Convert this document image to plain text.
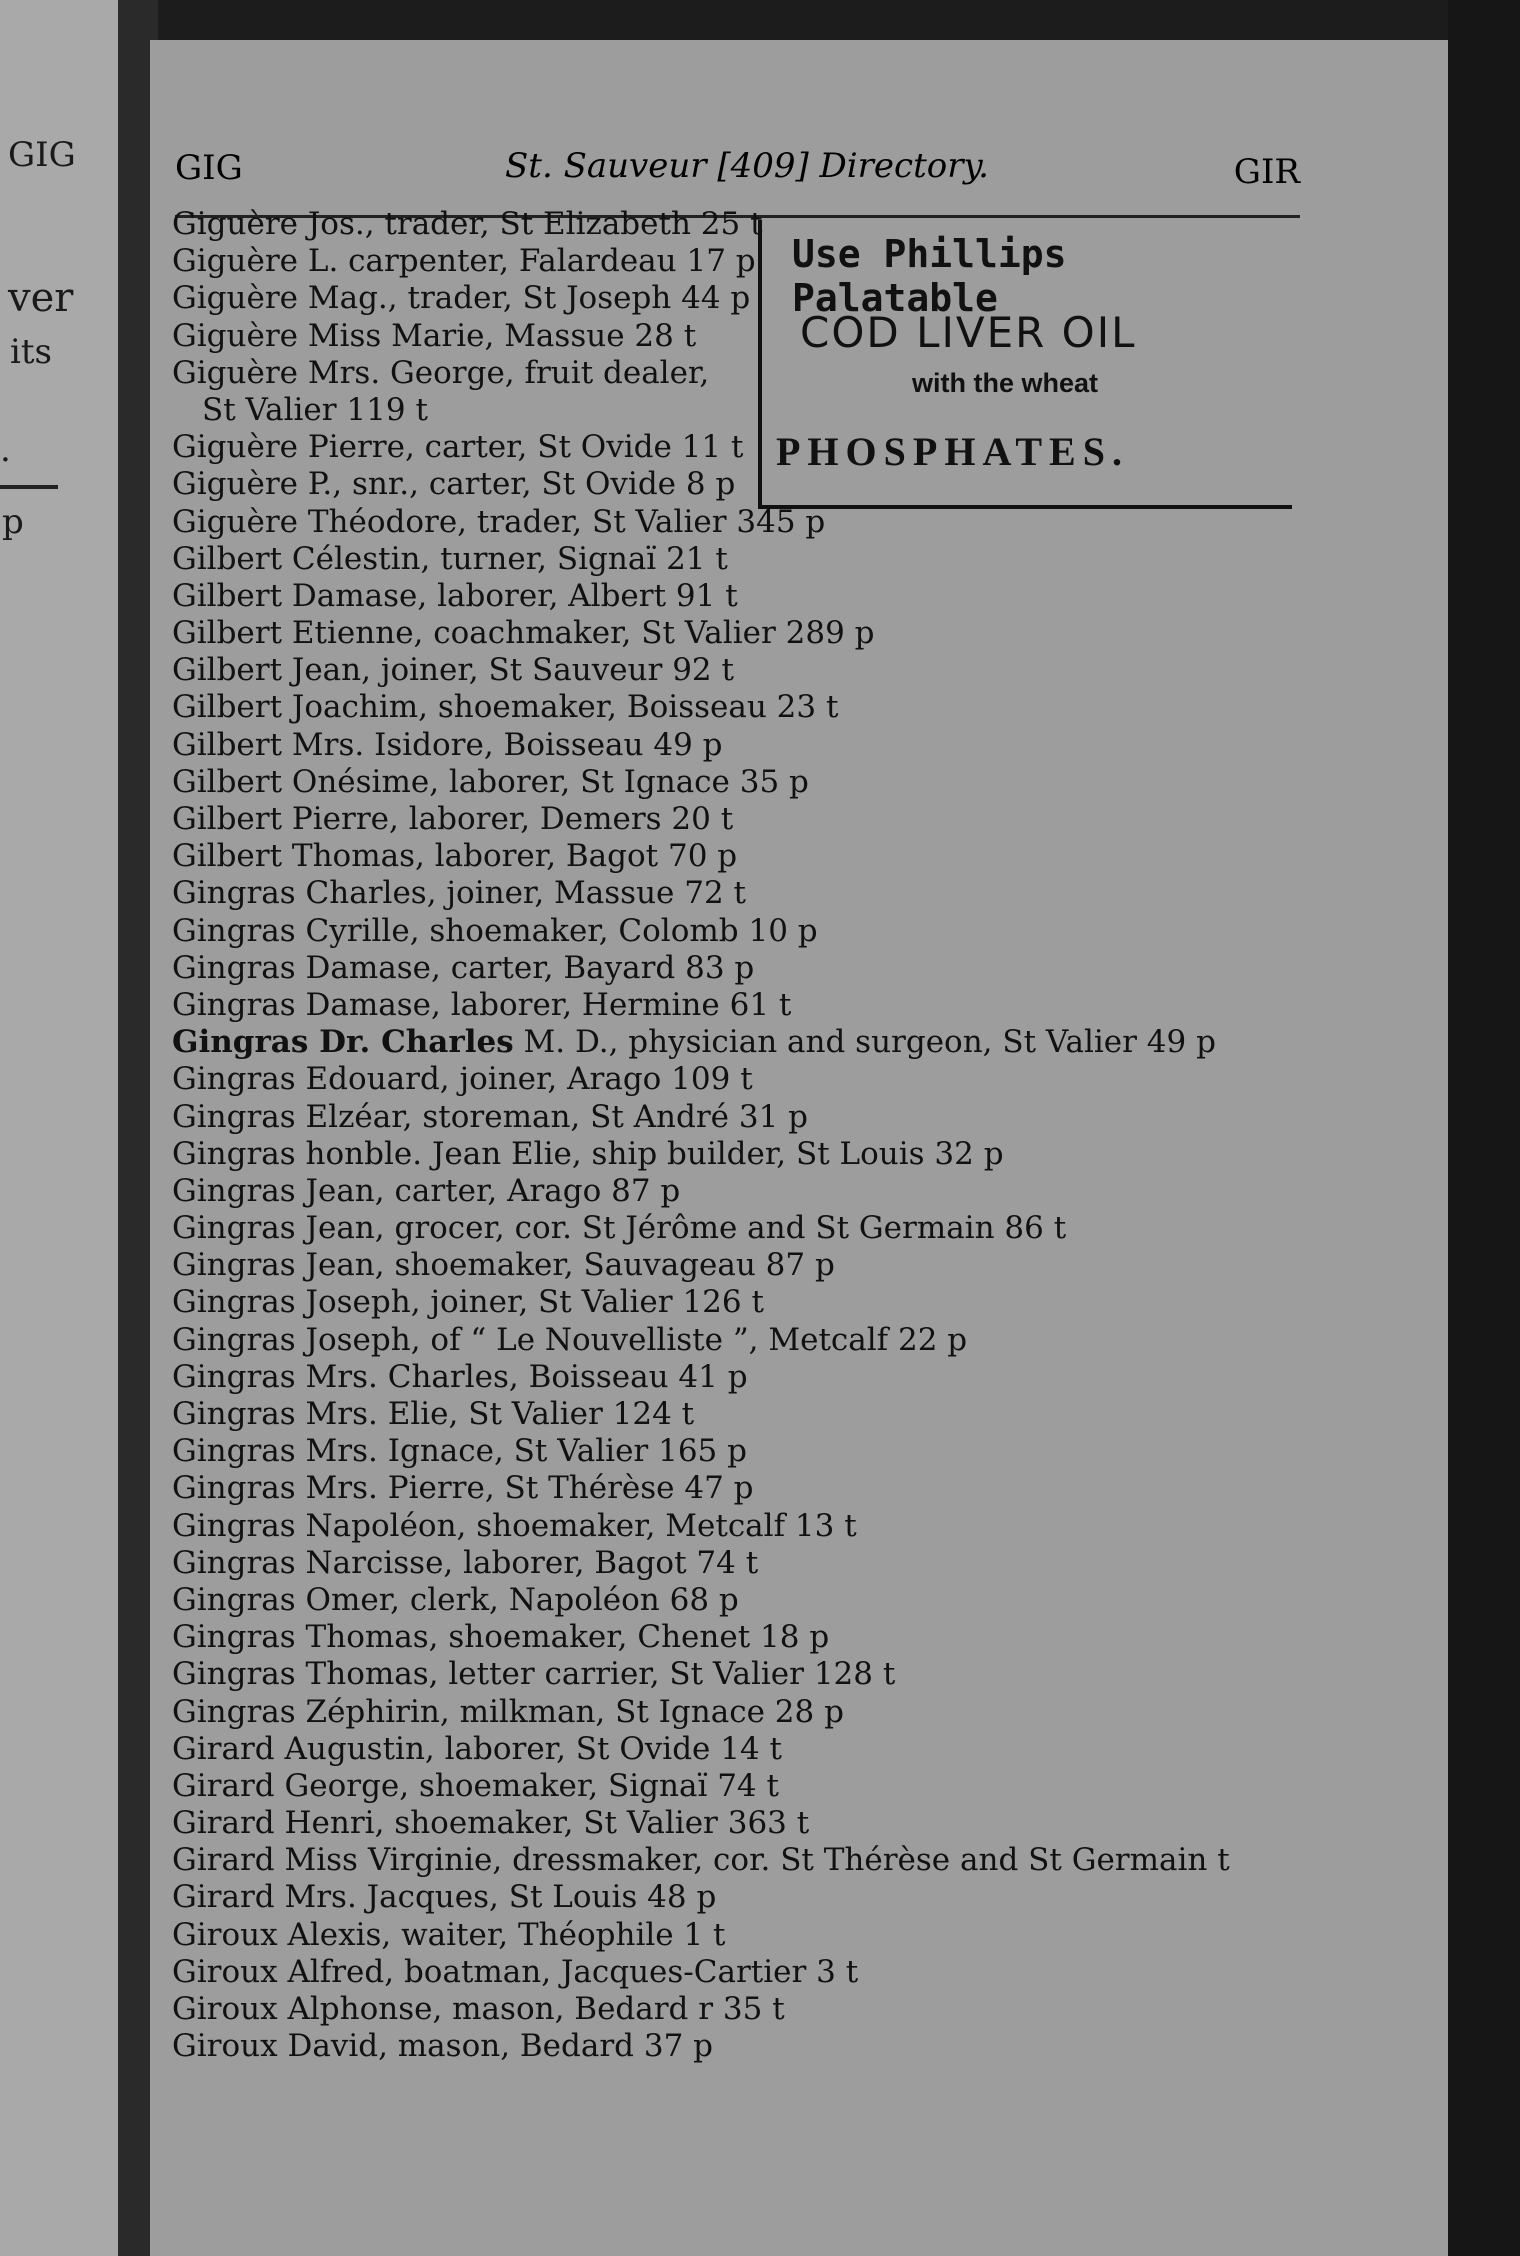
GIG
ver
its
.
p
GIG	St. Sauveur [409] Directory.	GIR
Use Phillips Palatable
COD LIVER OIL
with the wheat
PHOSPHATES.
Giguère Jos., trader, St Elizabeth 25 t
Giguère L. carpenter, Falardeau 17 p
Giguère Mag., trader, St Joseph 44 p
Giguère Miss Marie, Massue 28 t
Giguère Mrs. George, fruit dealer,
St Valier 119 t
Giguère Pierre, carter, St Ovide 11 t
Giguère P., snr., carter, St Ovide 8 p
Giguère Théodore, trader, St Valier 345 p
Gilbert Célestin, turner, Signaï 21 t
Gilbert Damase, laborer, Albert 91 t
Gilbert Etienne, coachmaker, St Valier 289 p
Gilbert Jean, joiner, St Sauveur 92 t
Gilbert Joachim, shoemaker, Boisseau 23 t
Gilbert Mrs. Isidore, Boisseau 49 p
Gilbert Onésime, laborer, St Ignace 35 p
Gilbert Pierre, laborer, Demers 20 t
Gilbert Thomas, laborer, Bagot 70 p
Gingras Charles, joiner, Massue 72 t
Gingras Cyrille, shoemaker, Colomb 10 p
Gingras Damase, carter, Bayard 83 p
Gingras Damase, laborer, Hermine 61 t
Gingras Dr. Charles M. D., physician and surgeon, St Valier 49 p
Gingras Edouard, joiner, Arago 109 t
Gingras Elzéar, storeman, St André 31 p
Gingras honble. Jean Elie, ship builder, St Louis 32 p
Gingras Jean, carter, Arago 87 p
Gingras Jean, grocer, cor. St Jérôme and St Germain 86 t
Gingras Jean, shoemaker, Sauvageau 87 p
Gingras Joseph, joiner, St Valier 126 t
Gingras Joseph, of “ Le Nouvelliste ”, Metcalf 22 p
Gingras Mrs. Charles, Boisseau 41 p
Gingras Mrs. Elie, St Valier 124 t
Gingras Mrs. Ignace, St Valier 165 p
Gingras Mrs. Pierre, St Thérèse 47 p
Gingras Napoléon, shoemaker, Metcalf 13 t
Gingras Narcisse, laborer, Bagot 74 t
Gingras Omer, clerk, Napoléon 68 p
Gingras Thomas, shoemaker, Chenet 18 p
Gingras Thomas, letter carrier, St Valier 128 t
Gingras Zéphirin, milkman, St Ignace 28 p
Girard Augustin, laborer, St Ovide 14 t
Girard George, shoemaker, Signaï 74 t
Girard Henri, shoemaker, St Valier 363 t
Girard Miss Virginie, dressmaker, cor. St Thérèse and St Germain t
Girard Mrs. Jacques, St Louis 48 p
Giroux Alexis, waiter, Théophile 1 t
Giroux Alfred, boatman, Jacques-Cartier 3 t
Giroux Alphonse, mason, Bedard r 35 t
Giroux David, mason, Bedard 37 p
